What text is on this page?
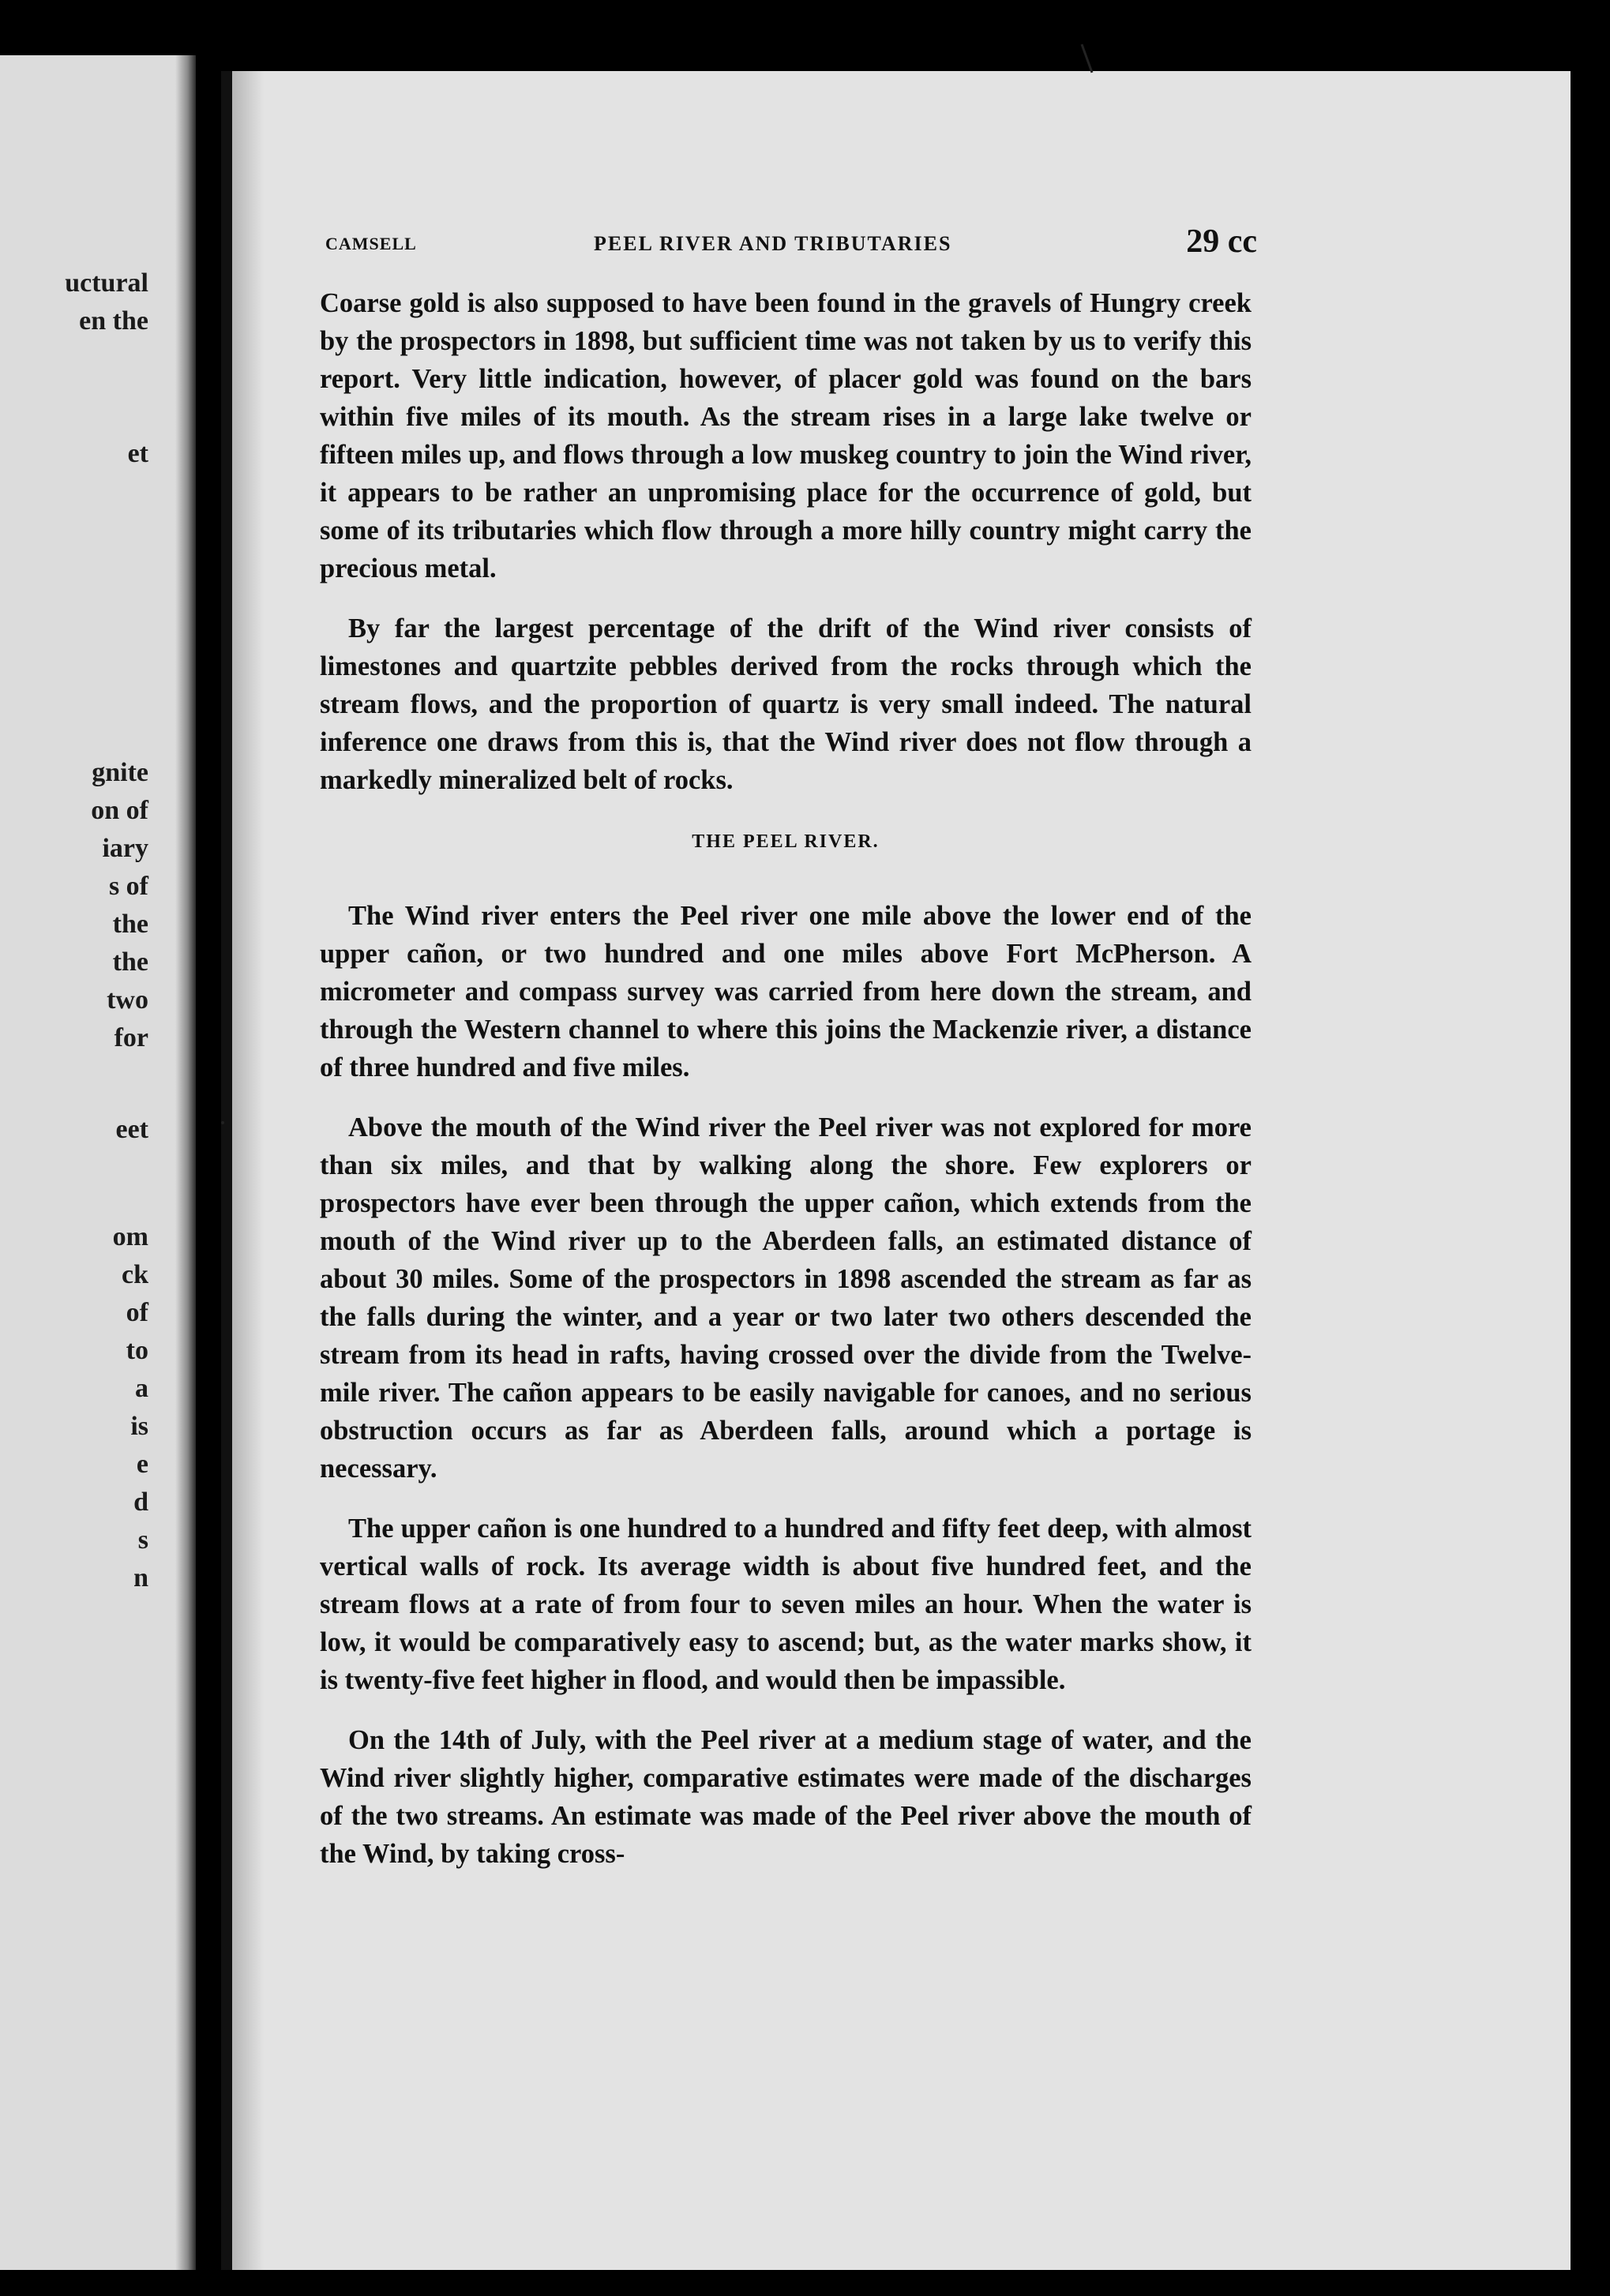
uctural
en the
et
gnite
on of
iary
s of
the
the
two
for
eet
om
ck
of
to
a
is
e
d
s
n
CAMSELL	PEEL RIVER AND TRIBUTARIES	29 cc

Coarse gold is also supposed to have been found in the gravels of Hungry creek by the prospectors in 1898, but sufficient time was not taken by us to verify this report. Very little indication, however, of placer gold was found on the bars within five miles of its mouth. As the stream rises in a large lake twelve or fifteen miles up, and flows through a low muskeg country to join the Wind river, it appears to be rather an unpromising place for the occurrence of gold, but some of its tributaries which flow through a more hilly country might carry the precious metal.

By far the largest percentage of the drift of the Wind river consists of limestones and quartzite pebbles derived from the rocks through which the stream flows, and the proportion of quartz is very small indeed. The natural inference one draws from this is, that the Wind river does not flow through a markedly mineralized belt of rocks.

THE PEEL RIVER.

The Wind river enters the Peel river one mile above the lower end of the upper cañon, or two hundred and one miles above Fort McPherson. A micrometer and compass survey was carried from here down the stream, and through the Western channel to where this joins the Mackenzie river, a distance of three hundred and five miles.

Above the mouth of the Wind river the Peel river was not explored for more than six miles, and that by walking along the shore. Few explorers or prospectors have ever been through the upper cañon, which extends from the mouth of the Wind river up to the Aberdeen falls, an estimated distance of about 30 miles. Some of the prospectors in 1898 ascended the stream as far as the falls during the winter, and a year or two later two others descended the stream from its head in rafts, having crossed over the divide from the Twelve-mile river. The cañon appears to be easily navigable for canoes, and no serious obstruction occurs as far as Aberdeen falls, around which a portage is necessary.

The upper cañon is one hundred to a hundred and fifty feet deep, with almost vertical walls of rock. Its average width is about five hundred feet, and the stream flows at a rate of from four to seven miles an hour. When the water is low, it would be comparatively easy to ascend; but, as the water marks show, it is twenty-five feet higher in flood, and would then be impassible.

On the 14th of July, with the Peel river at a medium stage of water, and the Wind river slightly higher, comparative estimates were made of the discharges of the two streams. An estimate was made of the Peel river above the mouth of the Wind, by taking cross-
